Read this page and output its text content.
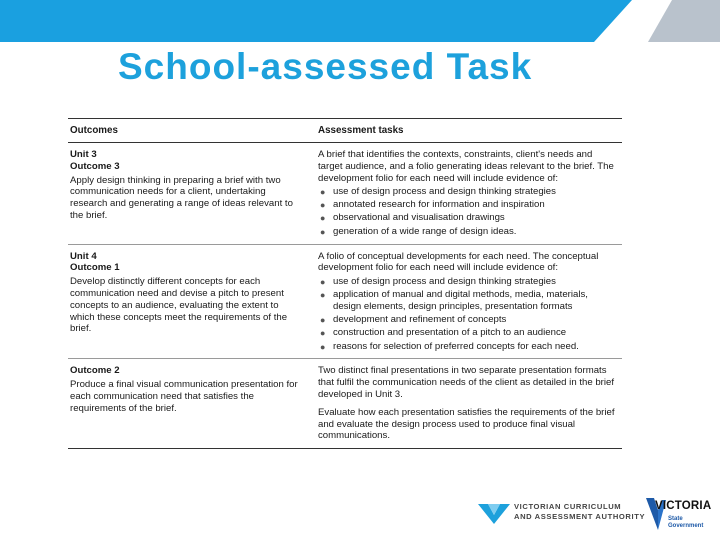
School-assessed Task
Outcomes	Assessment tasks
Unit 3
Outcome 3
Apply design thinking in preparing a brief with two communication needs for a client, undertaking research and generating a range of ideas relevant to the brief.
A brief that identifies the contexts, constraints, client's needs and target audience, and a folio generating ideas relevant to the brief. The development folio for each need will include evidence of:
● use of design process and design thinking strategies
● annotated research for information and inspiration
● observational and visualisation drawings
● generation of a wide range of design ideas.
Unit 4
Outcome 1
Develop distinctly different concepts for each communication need and devise a pitch to present concepts to an audience, evaluating the extent to which these concepts meet the requirements of the brief.
A folio of conceptual developments for each need. The conceptual development folio for each need will include evidence of:
● use of design process and design thinking strategies
● application of manual and digital methods, media, materials, design elements, design principles, presentation formats
● development and refinement of concepts
● construction and presentation of a pitch to an audience
● reasons for selection of preferred concepts for each need.
Outcome 2
Produce a final visual communication presentation for each communication need that satisfies the requirements of the brief.
Two distinct final presentations in two separate presentation formats that fulfil the communication needs of the client as detailed in the brief developed in Unit 3.
Evaluate how each presentation satisfies the requirements of the brief and evaluate the design process used to produce final visual communications.
VICTORIAN CURRICULUM
AND ASSESSMENT AUTHORITY
VICTORIA
State
Government
